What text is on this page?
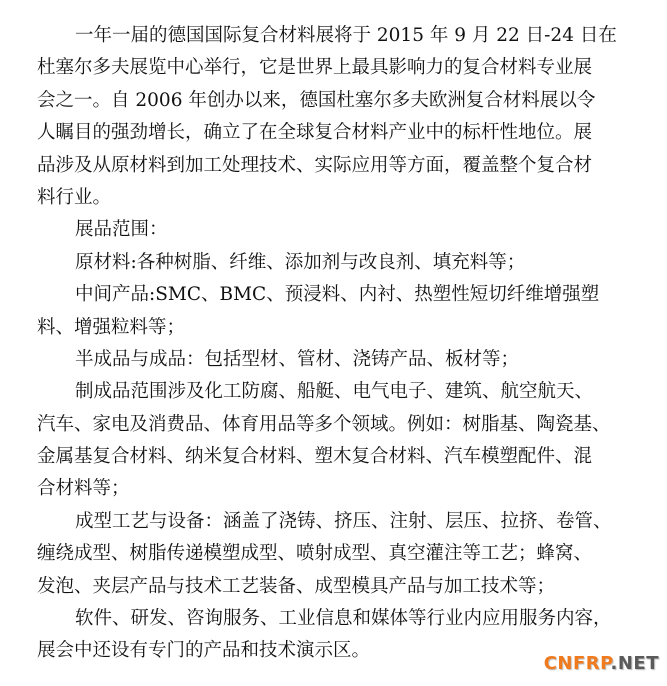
一年一届的德国国际复合材料展将于 2015 年 9 月 22 日-24 日在
杜塞尔多夫展览中心举行，它是世界上最具影响力的复合材料专业展
会之一。自 2006 年创办以来，德国杜塞尔多夫欧洲复合材料展以令
人瞩目的强劲增长，确立了在全球复合材料产业中的标杆性地位。展
品涉及从原材料到加工处理技术、实际应用等方面，覆盖整个复合材
料行业。
展品范围：
原材料:各种树脂、纤维、添加剂与改良剂、填充料等；
中间产品:SMC、BMC、预浸料、内衬、热塑性短切纤维增强塑
料、增强粒料等；
半成品与成品：包括型材、管材、浇铸产品、板材等；
制成品范围涉及化工防腐、船艇、电气电子、建筑、航空航天、
汽车、家电及消费品、体育用品等多个领域。例如：树脂基、陶瓷基、
金属基复合材料、纳米复合材料、塑木复合材料、汽车模塑配件、混
合材料等；
成型工艺与设备：涵盖了浇铸、挤压、注射、层压、拉挤、卷管、
缠绕成型、树脂传递模塑成型、喷射成型、真空灌注等工艺；蜂窝、
发泡、夹层产品与技术工艺装备、成型模具产品与加工技术等；
软件、研发、咨询服务、工业信息和媒体等行业内应用服务内容，
展会中还设有专门的产品和技术演示区。
CNFRP.NET
